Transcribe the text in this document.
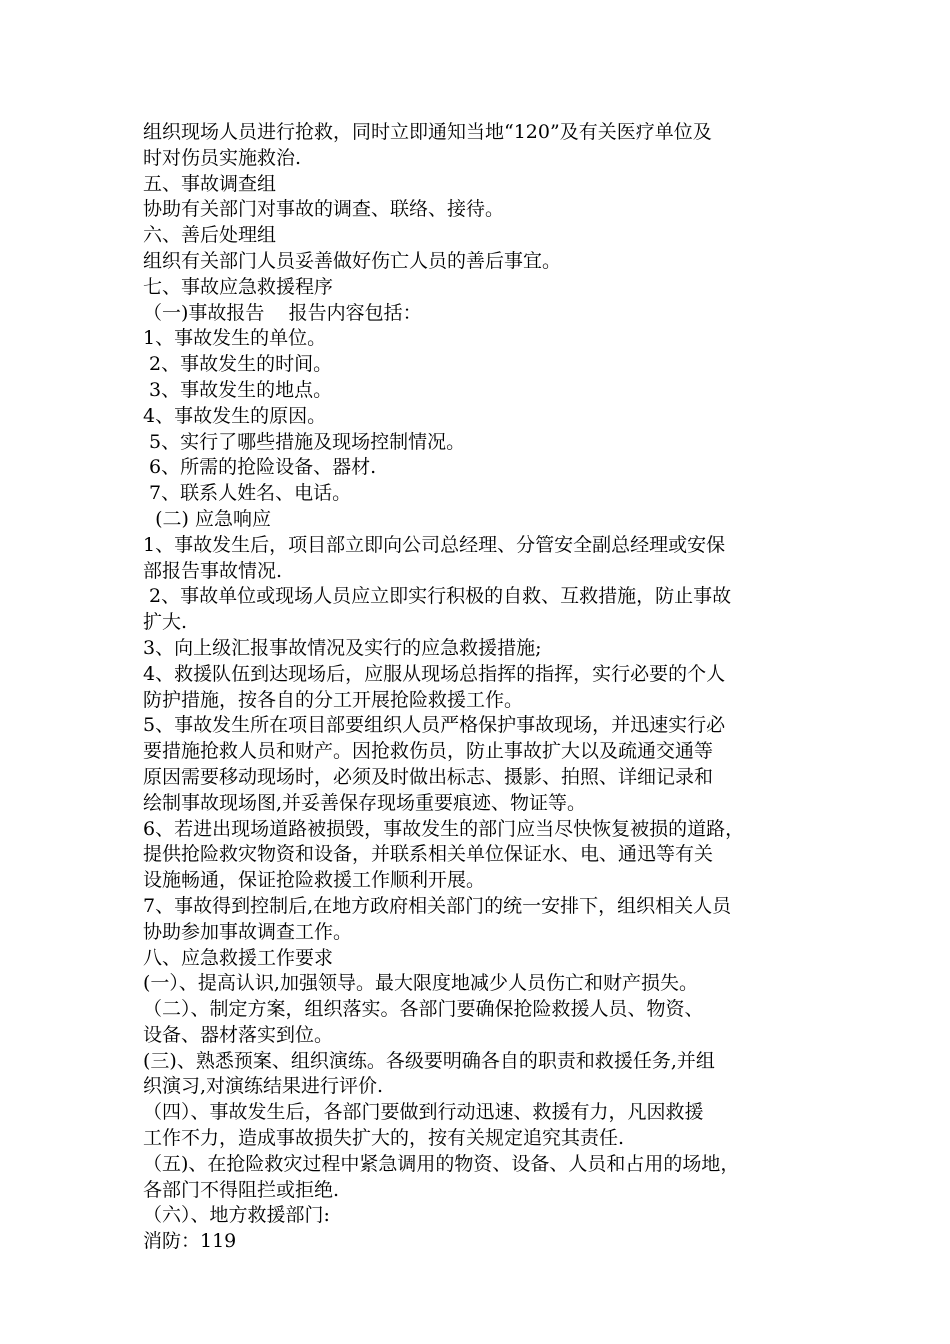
组织现场人员进行抢救，同时立即通知当地“120”及有关医疗单位及
时对伤员实施救治.
五、事故调查组
协助有关部门对事故的调查、联络、接待。
六、善后处理组
组织有关部门人员妥善做好伤亡人员的善后事宜。
七、事故应急救援程序
（一)事故报告    报告内容包括：
1、事故发生的单位。
2、事故发生的时间。
3、事故发生的地点。
4、事故发生的原因。
5、实行了哪些措施及现场控制情况。
6、所需的抢险设备、器材.
7、联系人姓名、电话。
(二) 应急响应
1、事故发生后，项目部立即向公司总经理、分管安全副总经理或安保
部报告事故情况.
2、事故单位或现场人员应立即实行积极的自救、互救措施，防止事故
扩大.
3、向上级汇报事故情况及实行的应急救援措施;
4、救援队伍到达现场后，应服从现场总指挥的指挥，实行必要的个人
防护措施，按各自的分工开展抢险救援工作。
5、事故发生所在项目部要组织人员严格保护事故现场，并迅速实行必
要措施抢救人员和财产。因抢救伤员，防止事故扩大以及疏通交通等
原因需要移动现场时，必须及时做出标志、摄影、拍照、详细记录和
绘制事故现场图,并妥善保存现场重要痕迹、物证等。
6、若进出现场道路被损毁，事故发生的部门应当尽快恢复被损的道路，
提供抢险救灾物资和设备，并联系相关单位保证水、电、通迅等有关
设施畅通，保证抢险救援工作顺利开展。
7、事故得到控制后,在地方政府相关部门的统一安排下，组织相关人员
协助参加事故调查工作。
八、应急救援工作要求
(一）、提高认识,加强领导。最大限度地减少人员伤亡和财产损失。
（二）、制定方案，组织落实。各部门要确保抢险救援人员、物资、
设备、器材落实到位。
(三)、熟悉预案、组织演练。各级要明确各自的职责和救援任务,并组
织演习,对演练结果进行评价.
（四）、事故发生后，各部门要做到行动迅速、救援有力，凡因救援
工作不力，造成事故损失扩大的，按有关规定追究其责任.
（五)、在抢险救灾过程中紧急调用的物资、设备、人员和占用的场地，
各部门不得阻拦或拒绝.
（六）、地方救援部门:
消防：119
